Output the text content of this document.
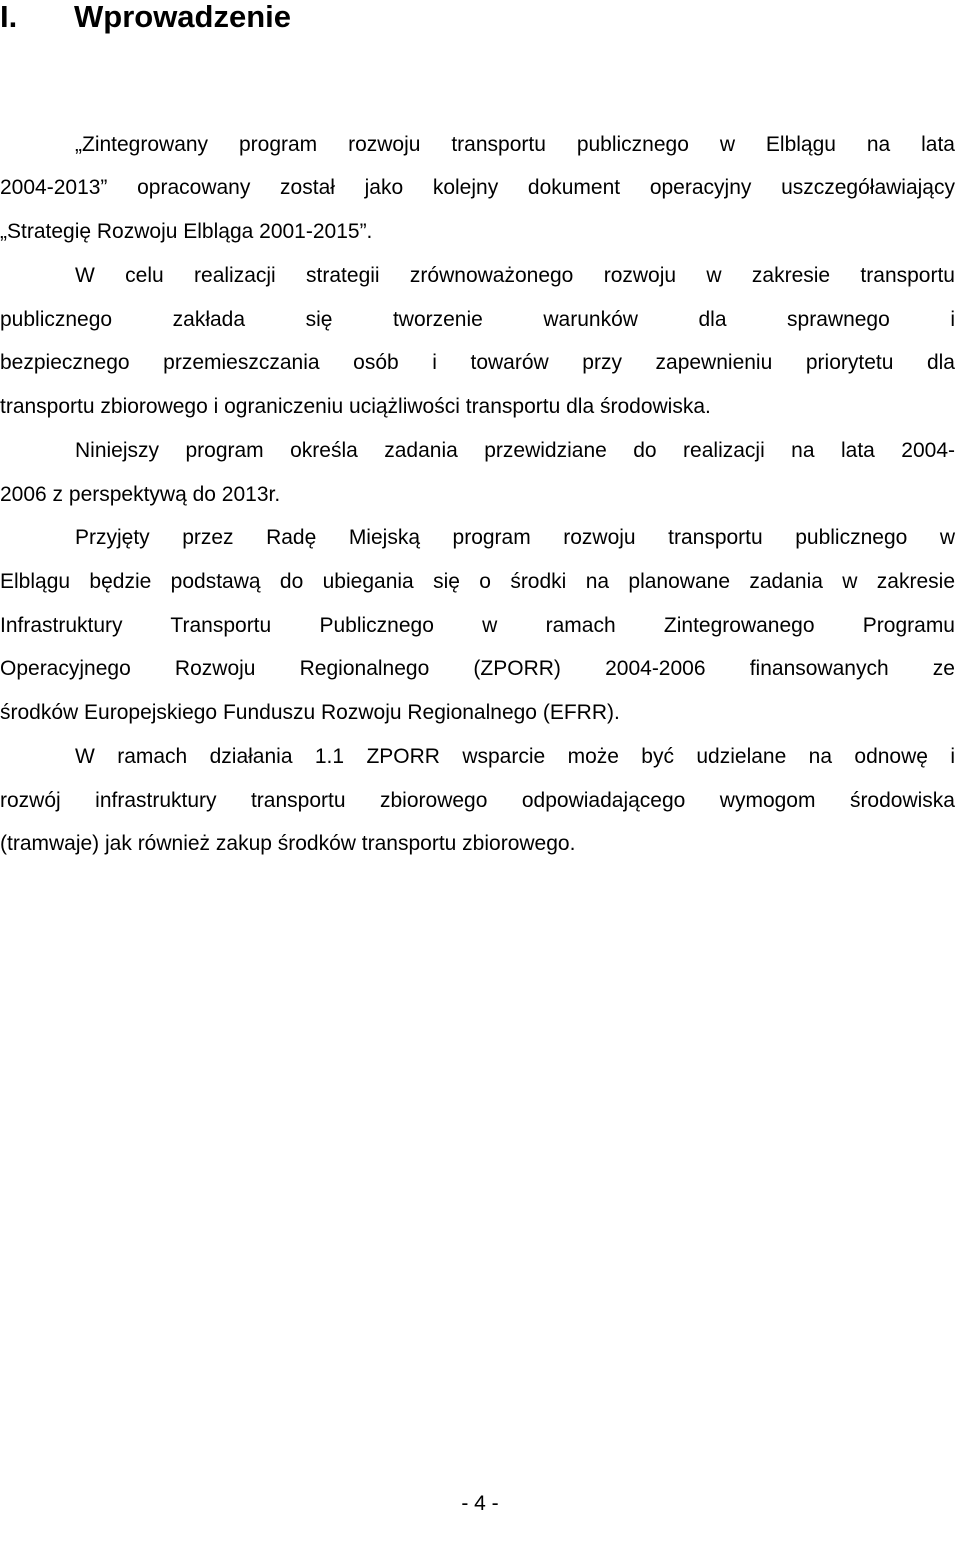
I. Wprowadzenie
„Zintegrowany program rozwoju transportu publicznego w Elblągu na lata
2004-2013” opracowany został jako kolejny dokument operacyjny uszczegóławiający
„Strategię Rozwoju Elbląga 2001-2015”.
W celu realizacji strategii zrównoważonego rozwoju w zakresie transportu
publicznego zakłada się tworzenie warunków dla sprawnego i
bezpiecznego przemieszczania osób i towarów przy zapewnieniu priorytetu dla
transportu zbiorowego i ograniczeniu uciążliwości transportu dla środowiska.
Niniejszy program określa zadania przewidziane do realizacji na lata 2004-
2006 z perspektywą do 2013r.
Przyjęty przez Radę Miejską program rozwoju transportu publicznego w
Elblągu będzie podstawą do ubiegania się o środki na planowane zadania w zakresie
Infrastruktury Transportu Publicznego w ramach Zintegrowanego Programu
Operacyjnego Rozwoju Regionalnego (ZPORR) 2004-2006 finansowanych ze
środków Europejskiego Funduszu Rozwoju Regionalnego (EFRR).
W ramach działania 1.1 ZPORR wsparcie może być udzielane na odnowę i
rozwój infrastruktury transportu zbiorowego odpowiadającego wymogom środowiska
(tramwaje) jak również zakup środków transportu zbiorowego.
- 4 -
